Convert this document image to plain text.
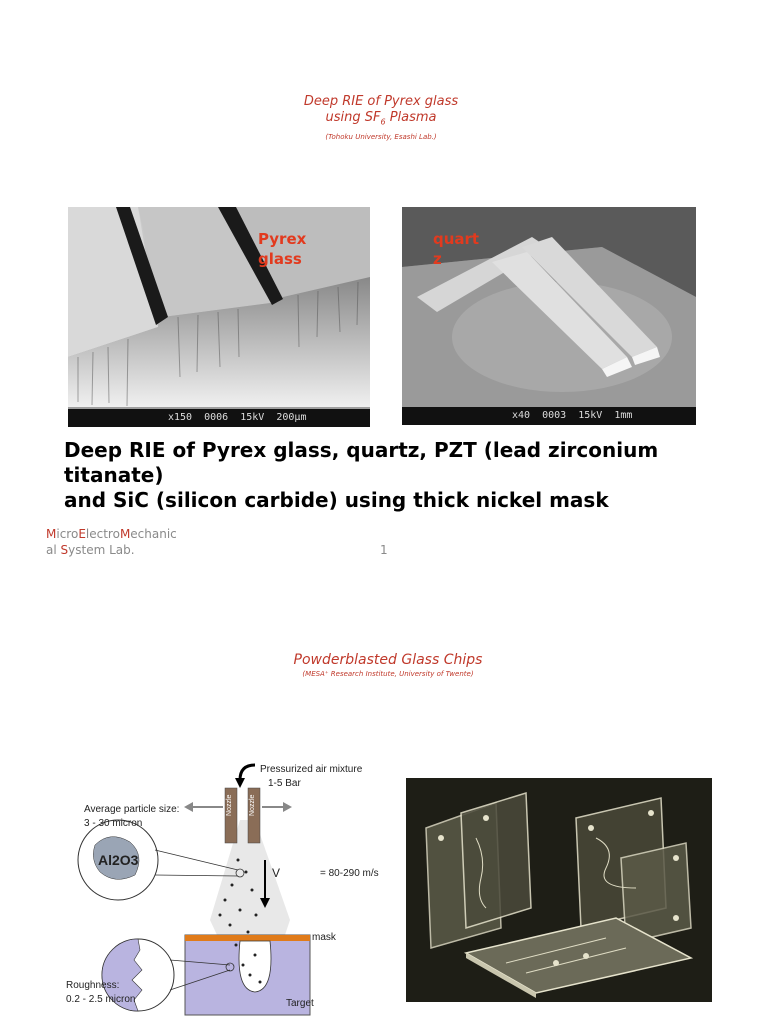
Deep RIE of Pyrex glass
using $SF_6$ Plasma
(Tohoku University, Esashi Lab.)
Pyrex
glass
x150  0006  15kV  200µm
quart
z
x40  0003  15kV  1mm
Deep RIE of Pyrex glass, quartz, PZT (lead zirconium
titanate)
and SiC (silicon carbide) using thick nickel mask
MicroElectroMechanic
al System Lab.	1
Powderblasted Glass Chips
(MESA⁺ Research Institute, University of Twente)
Pressurized air mixture
1-5 Bar
Nozzle Nozzle
Average particle size:
3 - 30 micron
Al2O3
V	= 80-290 m/s
mask
Roughness:
0.2 - 2.5 micron	Target
